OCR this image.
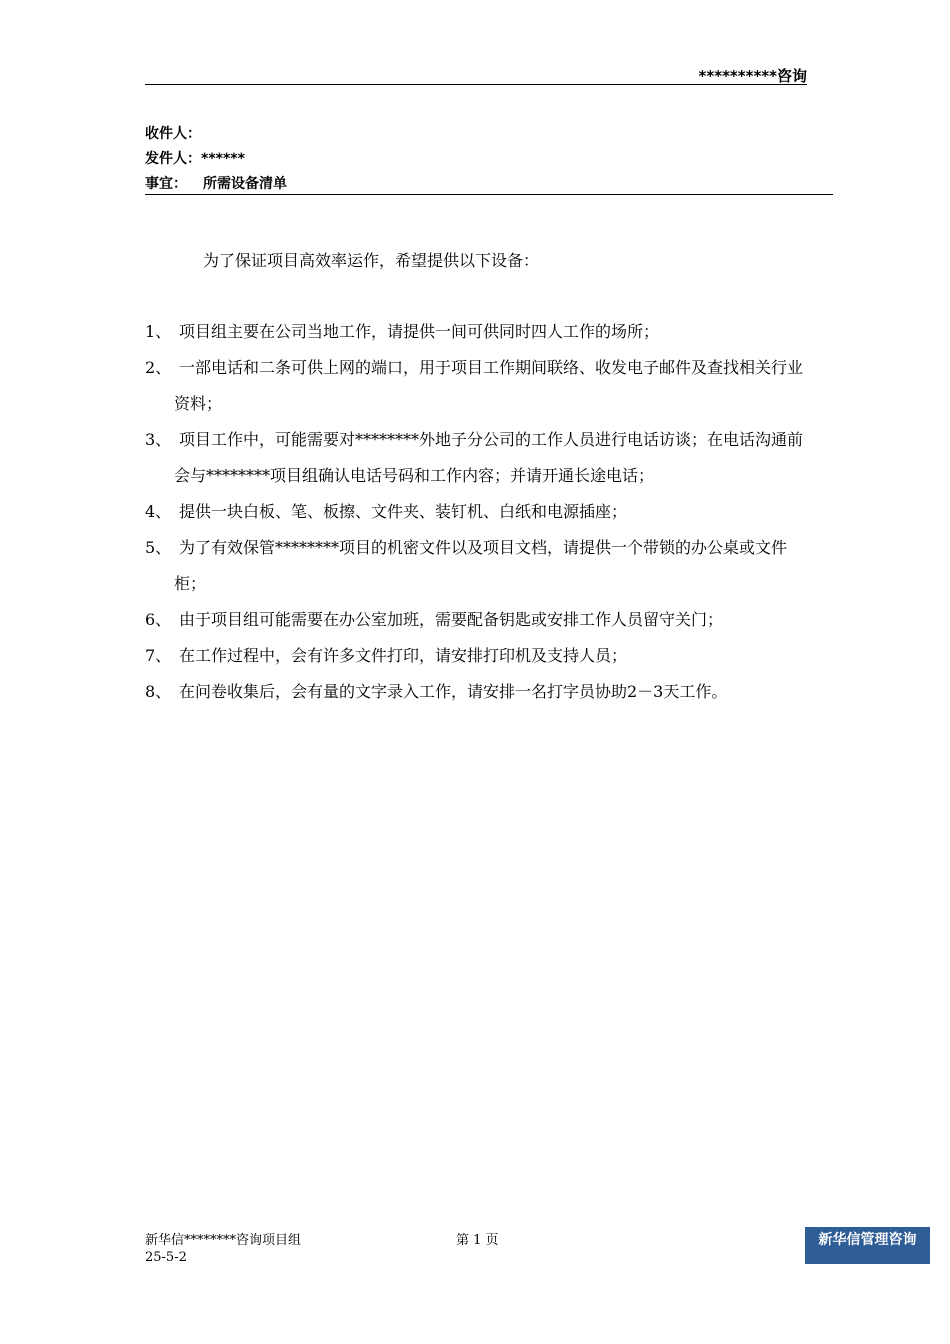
**********咨询
收件人：
发件人：******
事宜： 所需设备清单
为了保证项目高效率运作，希望提供以下设备：
1、 项目组主要在公司当地工作，请提供一间可供同时四人工作的场所；
2、 一部电话和二条可供上网的端口，用于项目工作期间联络、收发电子邮件及查找相关行业资料；
3、 项目工作中，可能需要对********外地子分公司的工作人员进行电话访谈；在电话沟通前会与********项目组确认电话号码和工作内容；并请开通长途电话；
4、 提供一块白板、笔、板擦、文件夹、装钉机、白纸和电源插座；
5、 为了有效保管********项目的机密文件以及项目文档，请提供一个带锁的办公桌或文件柜；
6、 由于项目组可能需要在办公室加班，需要配备钥匙或安排工作人员留守关门；
7、 在工作过程中，会有许多文件打印，请安排打印机及支持人员；
8、 在问卷收集后，会有量的文字录入工作，请安排一名打字员协助2－3天工作。
新华信********咨询项目组
25-5-2
第 1 页	新华信管理咨询
